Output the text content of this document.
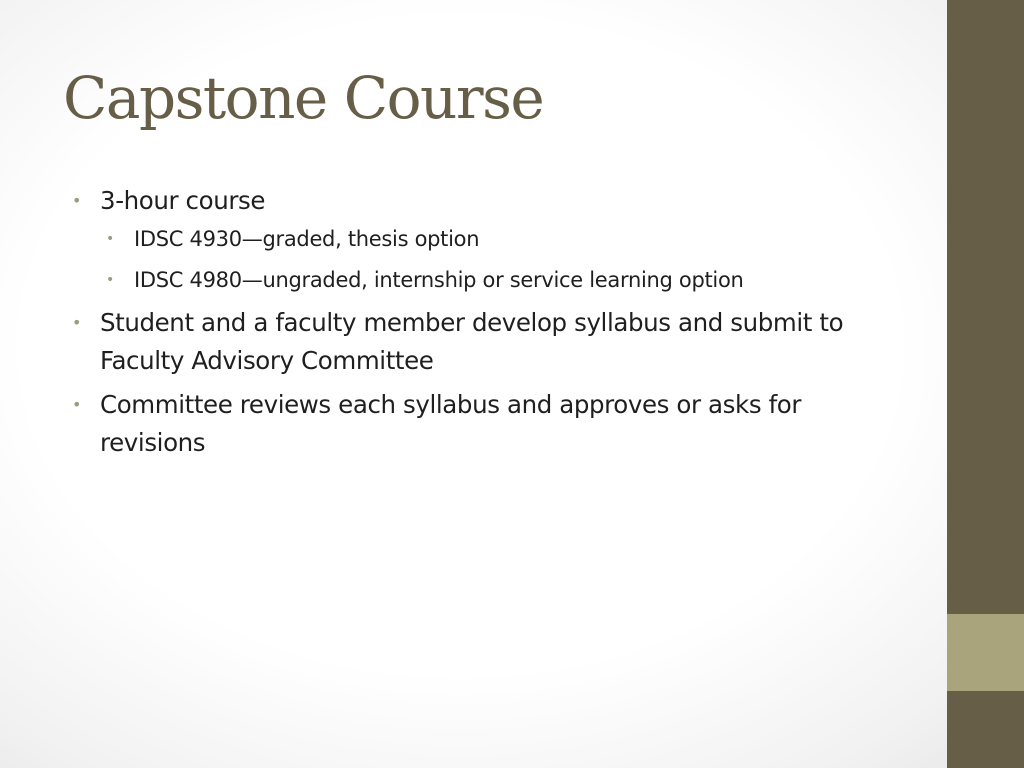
Capstone Course
• 3-hour course
• IDSC 4930—graded, thesis option
• IDSC 4980—ungraded, internship or service learning option
• Student and a faculty member develop syllabus and submit to Faculty Advisory Committee
• Committee reviews each syllabus and approves or asks for revisions
